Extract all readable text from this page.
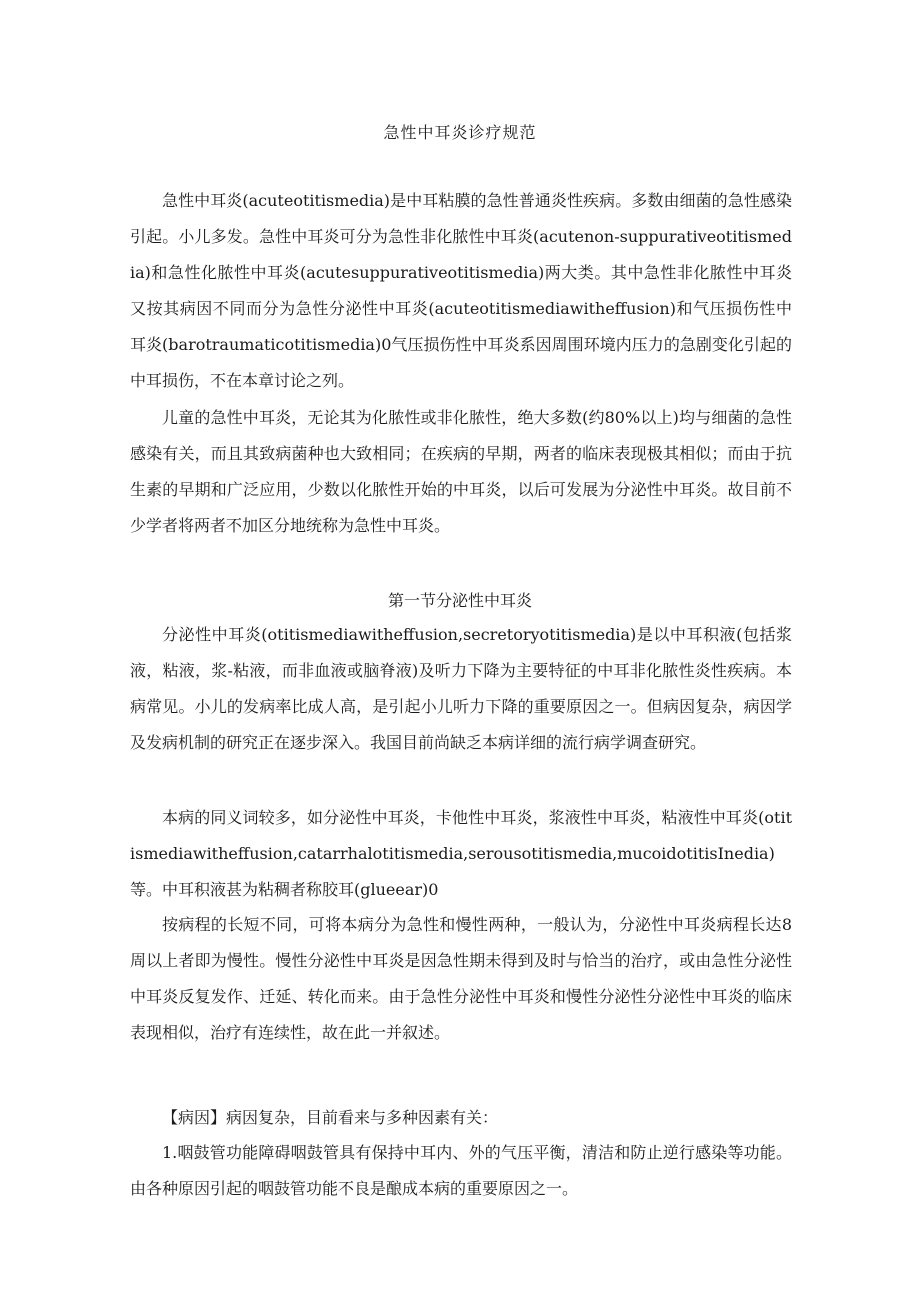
急性中耳炎诊疗规范
急性中耳炎(acuteotitismedia)是中耳粘膜的急性普通炎性疾病。多数由细菌的急性感染引起。小儿多发。急性中耳炎可分为急性非化脓性中耳炎(acutenon-suppurativeotitismedia)和急性化脓性中耳炎(acutesuppurativeotitismedia)两大类。其中急性非化脓性中耳炎又按其病因不同而分为急性分泌性中耳炎(acuteotitismediawitheffusion)和气压损伤性中耳炎(barotraumaticotitismedia)0气压损伤性中耳炎系因周围环境内压力的急剧变化引起的中耳损伤，不在本章讨论之列。
儿童的急性中耳炎，无论其为化脓性或非化脓性，绝大多数(约80%以上)均与细菌的急性感染有关，而且其致病菌种也大致相同；在疾病的早期，两者的临床表现极其相似；而由于抗生素的早期和广泛应用，少数以化脓性开始的中耳炎，以后可发展为分泌性中耳炎。故目前不少学者将两者不加区分地统称为急性中耳炎。
第一节分泌性中耳炎
分泌性中耳炎(otitismediawitheffusion,secretoryotitismedia)是以中耳积液(包括浆液，粘液，浆-粘液，而非血液或脑脊液)及听力下降为主要特征的中耳非化脓性炎性疾病。本病常见。小儿的发病率比成人高，是引起小儿听力下降的重要原因之一。但病因复杂，病因学及发病机制的研究正在逐步深入。我国目前尚缺乏本病详细的流行病学调查研究。
本病的同义词较多，如分泌性中耳炎，卡他性中耳炎，浆液性中耳炎，粘液性中耳炎(otitismediawitheffusion,catarrhalotitismedia,serousotitismedia,mucoidotitisInedia)等。中耳积液甚为粘稠者称胶耳(glueear)0
按病程的长短不同，可将本病分为急性和慢性两种，一般认为，分泌性中耳炎病程长达8周以上者即为慢性。慢性分泌性中耳炎是因急性期未得到及时与恰当的治疗，或由急性分泌性中耳炎反复发作、迁延、转化而来。由于急性分泌性中耳炎和慢性分泌性分泌性中耳炎的临床表现相似，治疗有连续性，故在此一并叙述。
【病因】病因复杂，目前看来与多种因素有关：
1.咽鼓管功能障碍咽鼓管具有保持中耳内、外的气压平衡，清洁和防止逆行感染等功能。由各种原因引起的咽鼓管功能不良是酿成本病的重要原因之一。
